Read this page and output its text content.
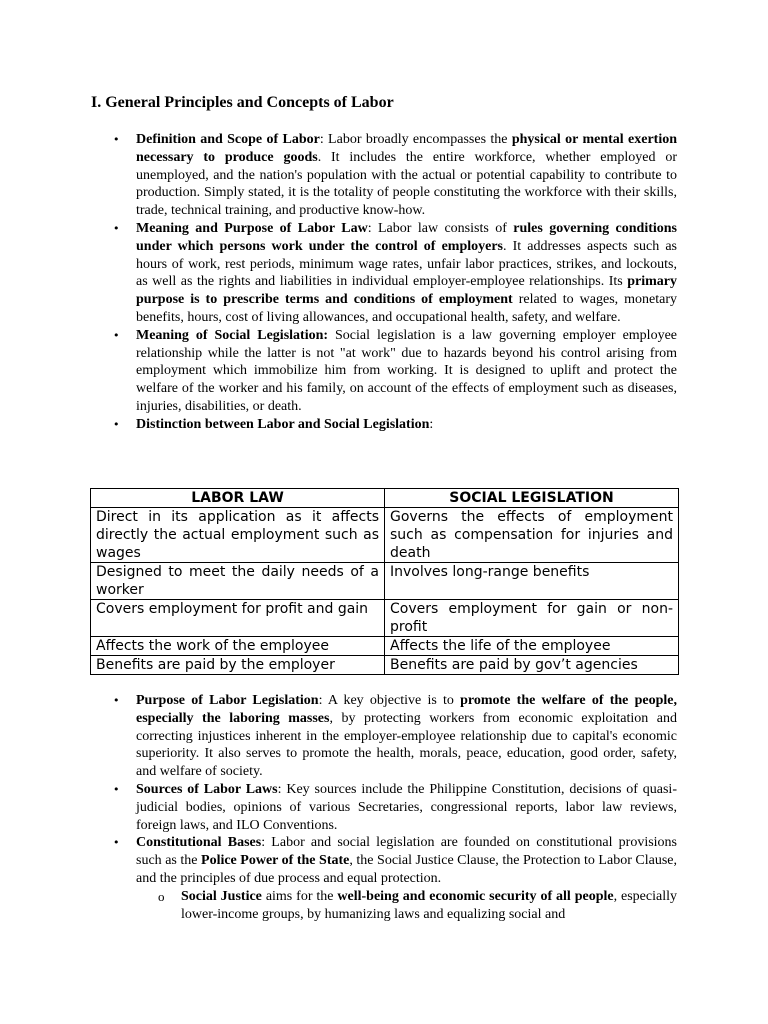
I. General Principles and Concepts of Labor
• Definition and Scope of Labor: Labor broadly encompasses the physical or mental exertion necessary to produce goods. It includes the entire workforce, whether employed or unemployed, and the nation's population with the actual or potential capability to contribute to production. Simply stated, it is the totality of people constituting the workforce with their skills, trade, technical training, and productive know-how.
• Meaning and Purpose of Labor Law: Labor law consists of rules governing conditions under which persons work under the control of employers. It addresses aspects such as hours of work, rest periods, minimum wage rates, unfair labor practices, strikes, and lockouts, as well as the rights and liabilities in individual employer-employee relationships. Its primary purpose is to prescribe terms and conditions of employment related to wages, monetary benefits, hours, cost of living allowances, and occupational health, safety, and welfare.
• Meaning of Social Legislation: Social legislation is a law governing employer employee relationship while the latter is not "at work" due to hazards beyond his control arising from employment which immobilize him from working. It is designed to uplift and protect the welfare of the worker and his family, on account of the effects of employment such as diseases, injuries, disabilities, or death.
• Distinction between Labor and Social Legislation:
LABOR LAW	SOCIAL LEGISLATION
Direct in its application as it affects directly the actual employment such as wages	Governs the effects of employment such as compensation for injuries and death
Designed to meet the daily needs of a worker	Involves long-range benefits
Covers employment for profit and gain	Covers employment for gain or non-profit
Affects the work of the employee	Affects the life of the employee
Benefits are paid by the employer	Benefits are paid by gov’t agencies
• Purpose of Labor Legislation: A key objective is to promote the welfare of the people, especially the laboring masses, by protecting workers from economic exploitation and correcting injustices inherent in the employer-employee relationship due to capital's economic superiority. It also serves to promote the health, morals, peace, education, good order, safety, and welfare of society.
• Sources of Labor Laws: Key sources include the Philippine Constitution, decisions of quasi-judicial bodies, opinions of various Secretaries, congressional reports, labor law reviews, foreign laws, and ILO Conventions.
• Constitutional Bases: Labor and social legislation are founded on constitutional provisions such as the Police Power of the State, the Social Justice Clause, the Protection to Labor Clause, and the principles of due process and equal protection.
o Social Justice aims for the well-being and economic security of all people, especially lower-income groups, by humanizing laws and equalizing social and
